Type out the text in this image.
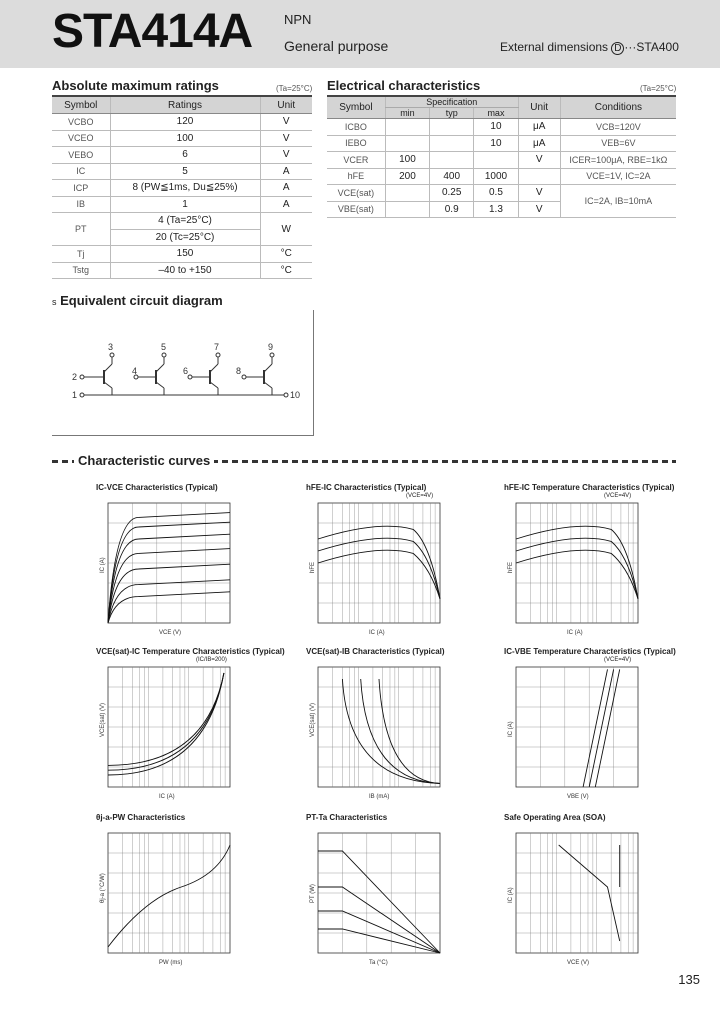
STA414A NPN
General purpose	External dimensions D ···STA400
Absolute maximum ratings	(Ta=25°C)
Symbol	Ratings	Unit
VCBO	120	V
VCEO	100	V
VEBO	6	V
IC	5	A
ICP	8 (PW≦1ms, Du≦25%)	A
IB	1	A
PT	4 (Ta=25°C)	W
	20 (Tc=25°C)	
Tj	150	°C
Tstg	–40 to +150	°C
Electrical characteristics	(Ta=25°C)
Symbol	Specification			Unit	Conditions
	min	typ	max		
ICBO			10	μA	VCB=120V
IEBO			10	μA	VEB=6V
VCER	100			V	ICER=100μA, RBE=1kΩ
hFE	200	400	1000		VCE=1V, IC=2A
VCE(sat)		0.25	0.5	V	IC=2A, IB=10mA
VBE(sat)		0.9	1.3	V	
s Equivalent circuit diagram
1
2
3
4
5
6
7
8
9
10
Characteristic curves
IC-VCE Characteristics (Typical)
VCE (V)
IC (A)
hFE-IC Characteristics (Typical)
(VCE=4V)
IC (A)
hFE
hFE-IC Temperature Characteristics (Typical)
(VCE=4V)
IC (A)
hFE
VCE(sat)-IC Temperature Characteristics (Typical)
(IC/IB=200)
IC (A)
VCE(sat) (V)
VCE(sat)-IB Characteristics (Typical)
IB (mA)
VCE(sat) (V)
IC-VBE Temperature Characteristics (Typical)
(VCE=4V)
VBE (V)
IC (A)
θj-a-PW Characteristics
PW (ms)
θj-a (°C/W)
PT-Ta Characteristics
Ta (°C)
PT (W)
Safe Operating Area (SOA)
VCE (V)
IC (A)
135
